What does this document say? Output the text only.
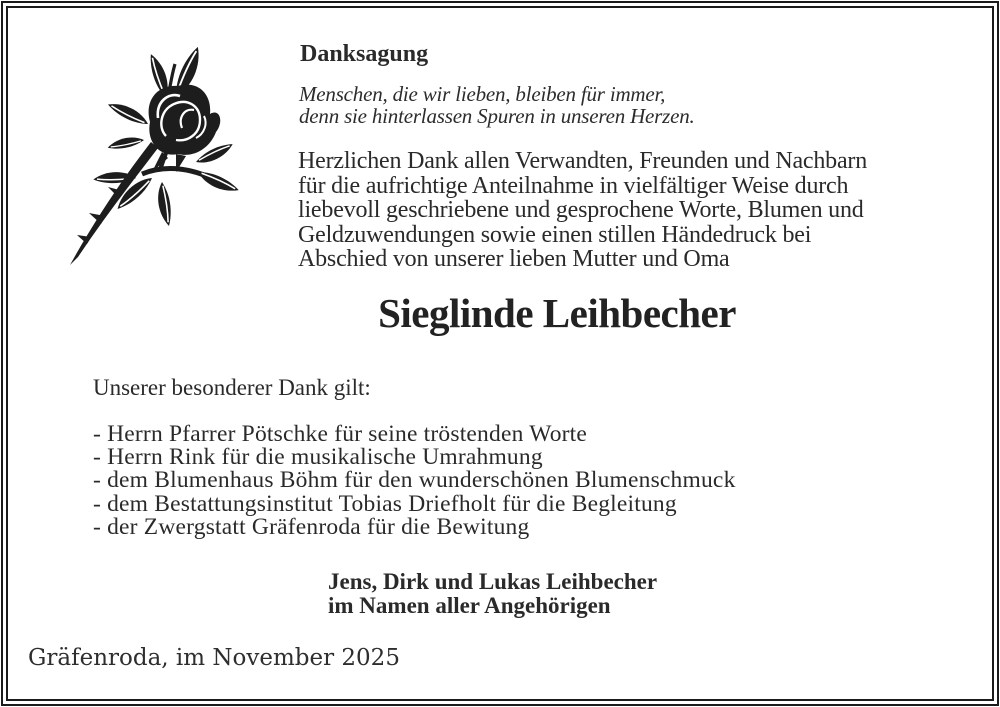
Danksagung
Menschen, die wir lieben, bleiben für immer,
denn sie hinterlassen Spuren in unseren Herzen.
Herzlichen Dank allen Verwandten, Freunden und Nachbarn
für die aufrichtige Anteilnahme in vielfältiger Weise durch
liebevoll geschriebene und gesprochene Worte, Blumen und
Geldzuwendungen sowie einen stillen Händedruck bei
Abschied von unserer lieben Mutter und Oma
Sieglinde Leihbecher
Unserer besonderer Dank gilt:
- Herrn Pfarrer Pötschke für seine tröstenden Worte
- Herrn Rink für die musikalische Umrahmung
- dem Blumenhaus Böhm für den wunderschönen Blumenschmuck
- dem Bestattungsinstitut Tobias Driefholt für die Begleitung
- der Zwergstatt Gräfenroda für die Bewitung
Jens, Dirk und Lukas Leihbecher
im Namen aller Angehörigen
Gräfenroda, im November 2025
